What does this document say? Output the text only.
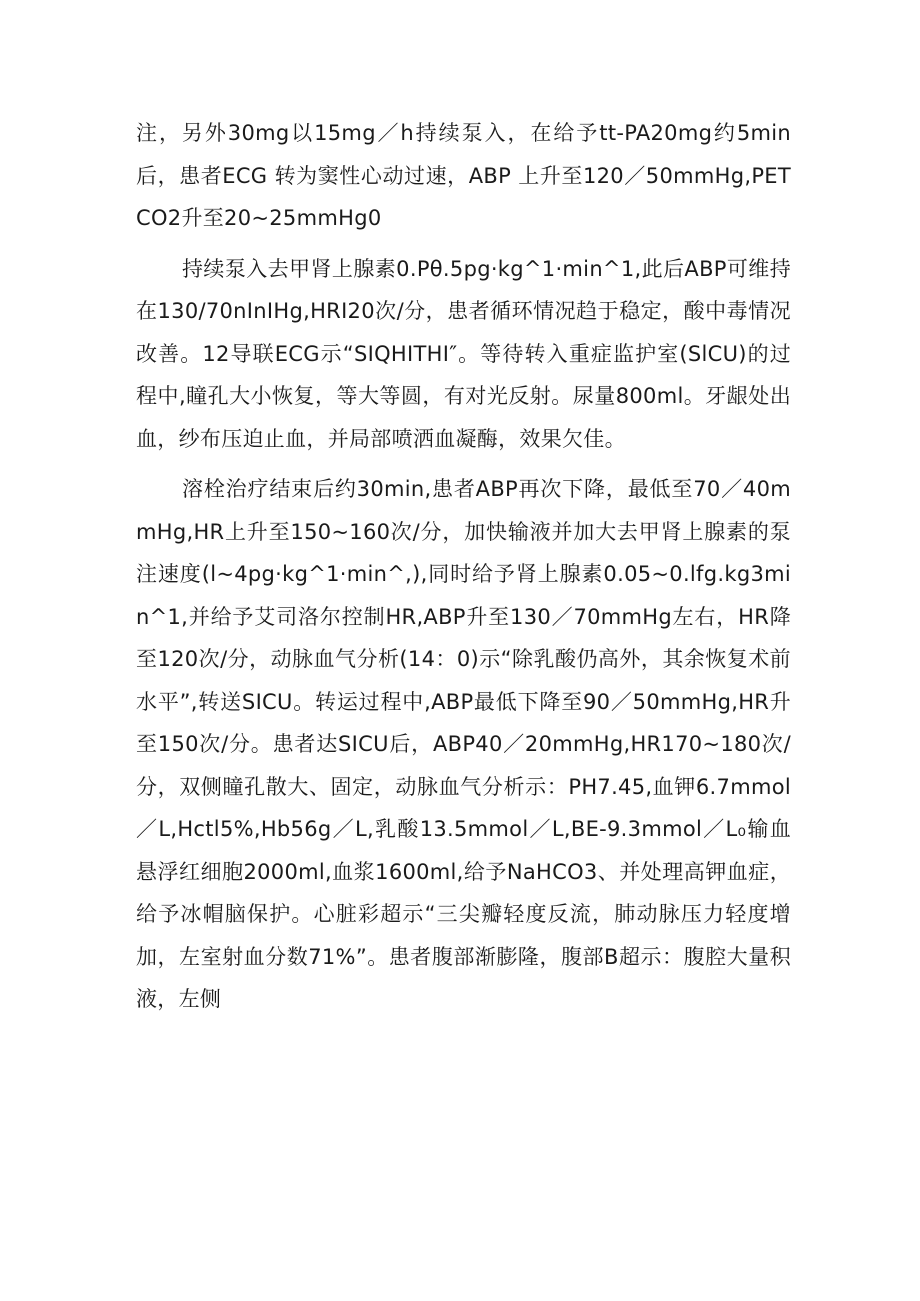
注，另外30mg以15mg／h持续泵入，在给予tt-PA20mg约5min后，患者ECG 转为窦性心动过速，ABP 上升至120／50mmHg,PETCO2升至20~25mmHg0

持续泵入去甲肾上腺素0.Pθ.5pg·kg^1·min^1,此后ABP可维持在130/70nInIHg,HRI20次/分，患者循环情况趋于稳定，酸中毒情况改善。12导联ECG示“SIQHITHI″。等待转入重症监护室(SlCU)的过程中,瞳孔大小恢复，等大等圆，有对光反射。尿量800ml。牙龈处出血，纱布压迫止血，并局部喷洒血凝酶，效果欠佳。

溶栓治疗结束后约30min,患者ABP再次下降，最低至70／40mmHg,HR上升至150~160次/分，加快输液并加大去甲肾上腺素的泵注速度(l~4pg·kg^1·min^,),同时给予肾上腺素0.05~0.lfg.kg3min^1,并给予艾司洛尔控制HR,ABP升至130／70mmHg左右，HR降至120次/分，动脉血气分析(14：0)示“除乳酸仍高外，其余恢复术前水平”,转送SICU。转运过程中,ABP最低下降至90／50mmHg,HR升至150次/分。患者达SICU后，ABP40／20mmHg,HR170~180次/分，双侧瞳孔散大、固定，动脉血气分析示：PH7.45,血钾6.7mmol／L,Hctl5%,Hb56g／L,乳酸13.5mmol／L,BE-9.3mmol／L₀输血悬浮红细胞2000ml,血浆1600ml,给予NaHCO3、并处理高钾血症，给予冰帽脑保护。心脏彩超示“三尖瓣轻度反流，肺动脉压力轻度增加，左室射血分数71%”。患者腹部渐膨隆，腹部B超示：腹腔大量积液，左侧
